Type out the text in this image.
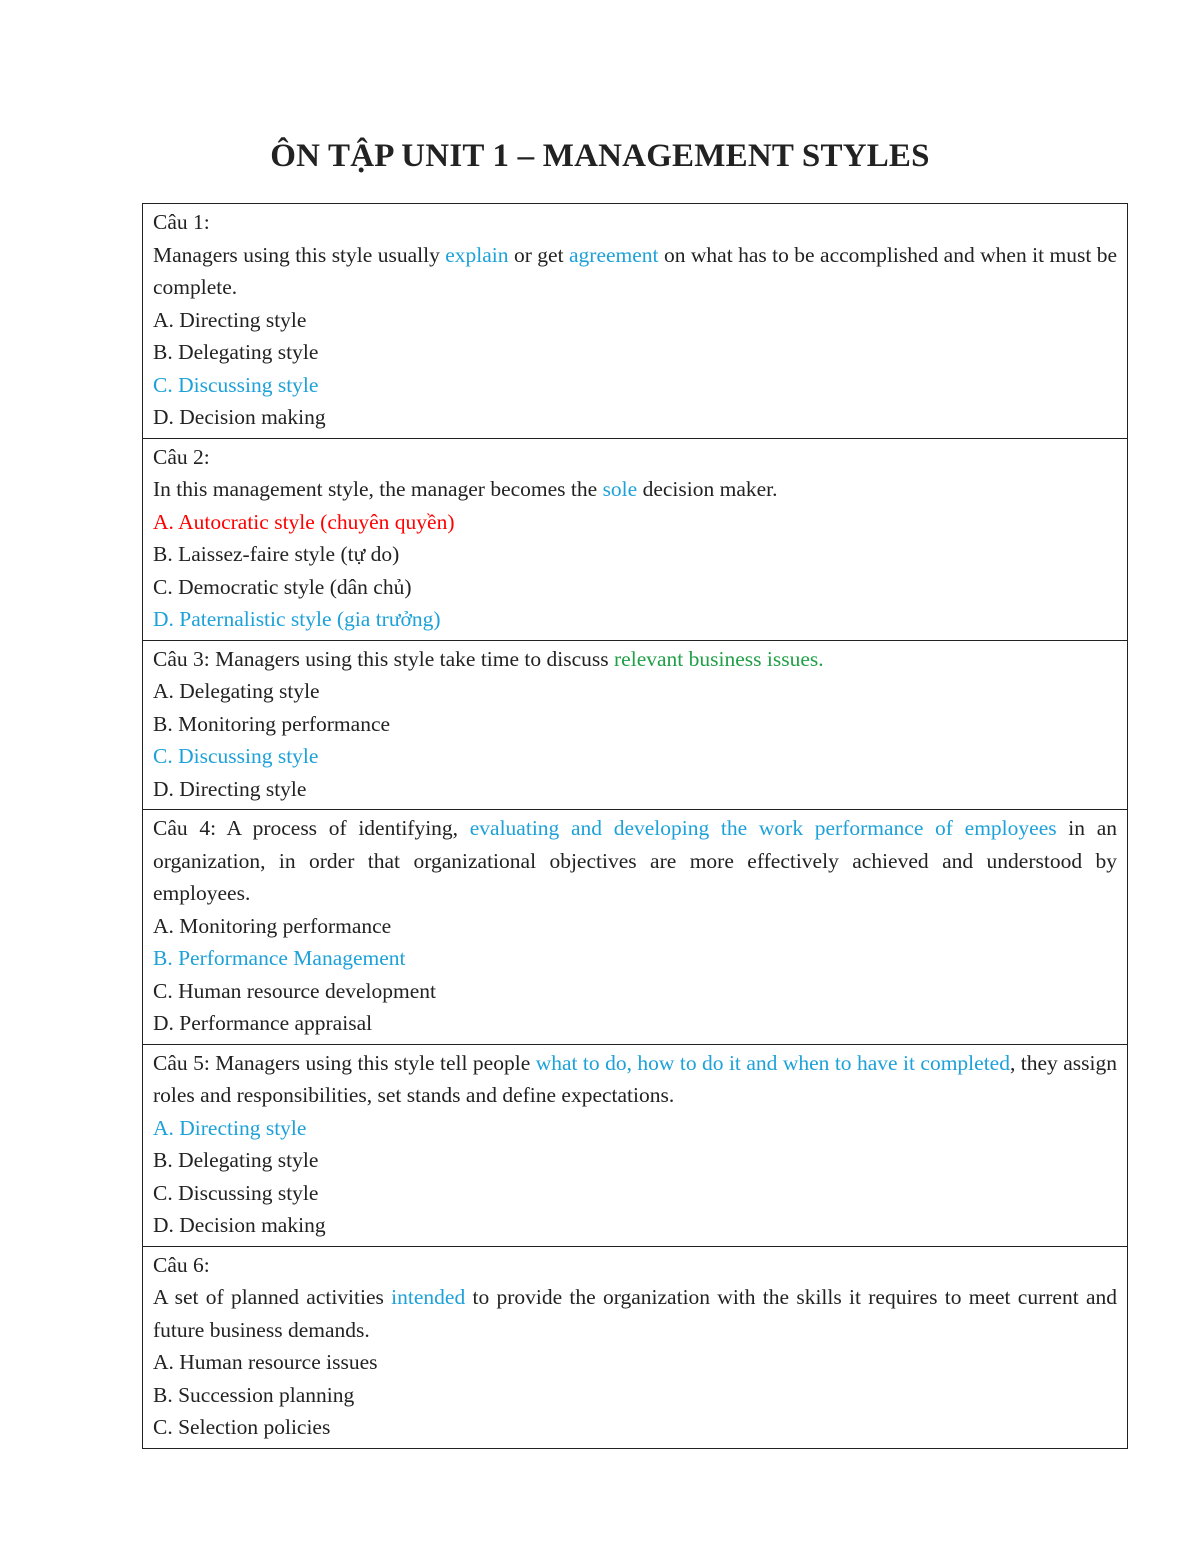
ÔN TẬP UNIT 1 – MANAGEMENT STYLES
Câu 1:
Managers using this style usually explain or get agreement on what has to be accomplished and when it must be complete.
A. Directing style
B. Delegating style
C. Discussing style
D. Decision making
Câu 2:
In this management style, the manager becomes the sole decision maker.
A. Autocratic style (chuyên quyền)
B. Laissez-faire style (tự do)
C. Democratic style (dân chủ)
D. Paternalistic style (gia trưởng)
Câu 3: Managers using this style take time to discuss relevant business issues.
A. Delegating style
B. Monitoring performance
C. Discussing style
D. Directing style
Câu 4: A process of identifying, evaluating and developing the work performance of employees in an organization, in order that organizational objectives are more effectively achieved and understood by employees.
A. Monitoring performance
B. Performance Management
C. Human resource development
D. Performance appraisal
Câu 5: Managers using this style tell people what to do, how to do it and when to have it completed, they assign roles and responsibilities, set stands and define expectations.
A. Directing style
B. Delegating style
C. Discussing style
D. Decision making
Câu 6:
A set of planned activities intended to provide the organization with the skills it requires to meet current and future business demands.
A. Human resource issues
B. Succession planning
C. Selection policies
